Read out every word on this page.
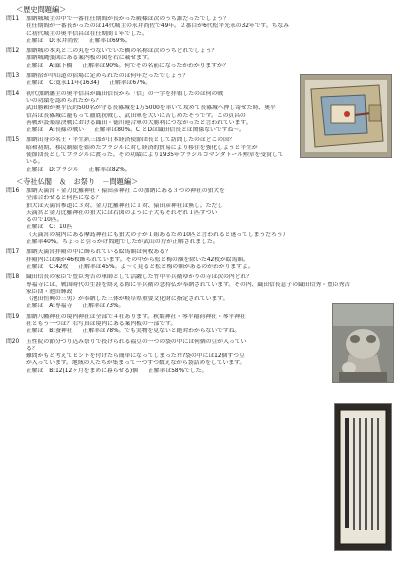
＜歴史問題編＞
問11	加納城城主の中で一番在任期間が長かった殿様は次のうち誰だったでしょう？
在任期間が一番長かったのは14代城主の永井尚佐で49年。２番目が6代松平光永の32年です。ちなみ
に初代城主の奥平信昌は在任期間１年でした。
正解は　D:永井尚佐 正解率は69%。
問12	加納城の本丸と二の丸をつないでいた橋の名称は次のうちどれでしょう？
加納城縄張図にある案内板の図を右に載せます。
正解は　A:廊下橋 正解率は90%。何でその名前になったかわかりますか？
問13	加納宿が中山道の宿場に定められたのは何年だったでしょう？
正解は　C:寛永11年(1634) 正解率は67%。
問14	初代加納藩主の奥平信昌が織田信長から「信」の一字を拝領したのは何の戦
いの功績を認められたから？
武田勝頼が奥平氏約500名が守る長篠城を1万5000を率いて攻めて長篠城へ押し寄せた時、奥平
信昌は長篠城に籠もって徹底抗戦し、武田軍を大いに苦しめたそうです。この貞昌の
善戦が設楽原決戦における織田・徳川連合軍の大勝利につながったと言われています。
正解は　A:長篠の戦い 正解率は80%。C とDは織田信長とは関係ないですね～。
問15	加納出身の名士・平生釟三郎が日本経済使節団長として訪問したのはどこの国？
昭和初期、移民制限を始めたブラジルに対し経済的貿易により移住を強化しようと平生が
使節団長としてブラジルに渡った。その功績により1935年ブラジルコマンダトール勲章を受賞して
いる。
正解は　D:ブラジル 正解率は82%。
＜寺社仏閣　＆　お祭り　－問題編＞
問16	加納天満宮・金刀比羅神社・猿田彦神社 この加納にある３つの神社の狛犬を
全部合わせると何匹になる？
狛犬は天満宮参道に３対、金刀比羅神社に１対、猿田彦神社は無し。ただし
天満宮と金刀比羅神社の狛犬には右図のように子犬もそれぞれ１匹ずつい
るので10匹。
正解は　C：10匹
（天満宮の境内にある摩島神社にも狛犬の子が１組あるため10匹と言われると迷ってしまうだろう）
正解率40%。ちょっと引っかけ問題でしたが武山の方が正解されました。
問17	加納天満宮拝殿の中に飾られている絵馬額は何枚ある？
拝殿内には額が46枚飾られています。その中から松と梅の額を除いた42枚が絵馬額。
正解は　C:42枚 正解率は45%。よ～く見ると松と梅の額があるのがわかりますよ。
問18	織田信長の家臣で豊臣秀吉の軍師として活躍した竹中半兵衛ゆかりの寺は次の内どれ？
専福寺には、戦国時代の生涯を終える際に半兵衛の念持仏が奉納されています。その内、織田信長息子の織田信秀・豊臣秀吉
家臣団・池田輝政
（池田恒興の三男）が奉納した三体が岐阜県重要文化財に指定されています。
正解は　A:専福寺 正解率は73%。
問19	加納八幡神社の境内神社は全部で４社あります。秋葉神社・琴平稲荷神社・琴平神社
社ともう一つは？右写真は境内にある案内板の一部です。
正解は　B:蚕神社 正解率は78%。でも実物を見ないと絶対わからないですね。
問20	玉性院の節分つり込み祭りで投げられる福豆の一つの袋の中には何個の豆が入ってい
る？
難問かもと考えてヒントを付けたら簡単になってしまった?!?袋の中には12個ずつ豆
が入っています。地域の人たちが集まって一つずつ数えながら袋詰めをしています。
正解は　B:12(12ヶ月をまめに暮らせる)個 正解率は58%でした。
